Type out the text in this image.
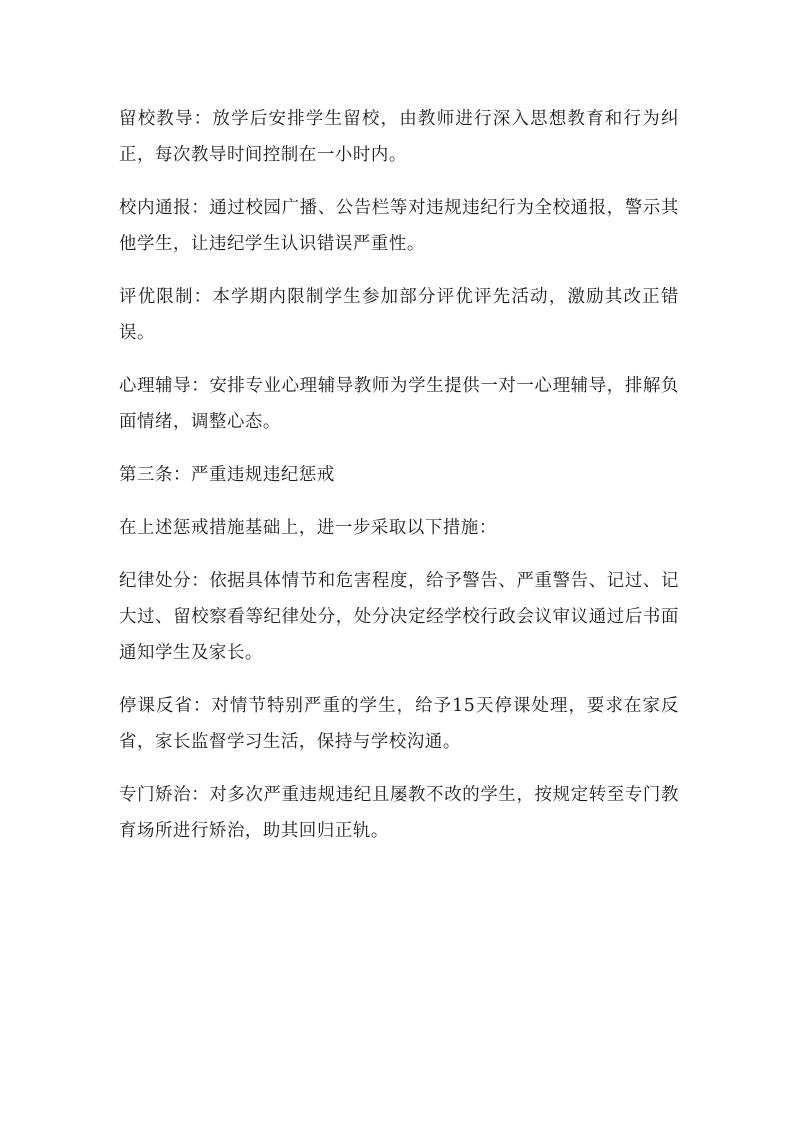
留校教导：放学后安排学生留校，由教师进行深入思想教育和行为纠正，每次教导时间控制在一小时内。

校内通报：通过校园广播、公告栏等对违规违纪行为全校通报，警示其他学生，让违纪学生认识错误严重性。

评优限制：本学期内限制学生参加部分评优评先活动，激励其改正错误。

心理辅导：安排专业心理辅导教师为学生提供一对一心理辅导，排解负面情绪，调整心态。

第三条：严重违规违纪惩戒

在上述惩戒措施基础上，进一步采取以下措施：

纪律处分：依据具体情节和危害程度，给予警告、严重警告、记过、记大过、留校察看等纪律处分，处分决定经学校行政会议审议通过后书面通知学生及家长。

停课反省：对情节特别严重的学生，给予15天停课处理，要求在家反省，家长监督学习生活，保持与学校沟通。

专门矫治：对多次严重违规违纪且屡教不改的学生，按规定转至专门教育场所进行矫治，助其回归正轨。
